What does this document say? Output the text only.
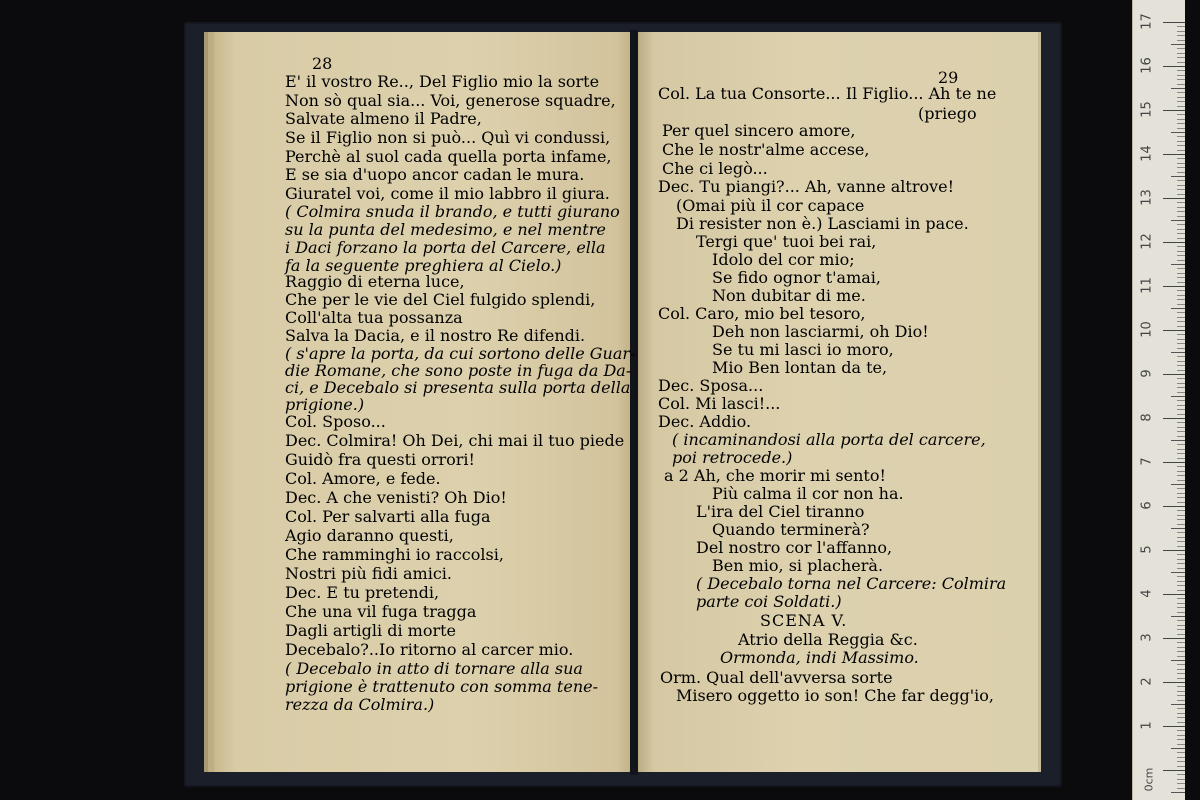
28
E' il vostro Re.., Del Figlio mio la sorte
Non sò qual sia... Voi, generose squadre,
Salvate almeno il Padre,
Se il Figlio non si può... Quì vi condussi,
Perchè al suol cada quella porta infame,
E se sia d'uopo ancor cadan le mura.
Giuratel voi, come il mio labbro il giura.
( Colmira snuda il brando, e tutti giurano
su la punta del medesimo, e nel mentre
i Daci forzano la porta del Carcere, ella
fa la seguente preghiera al Cielo.)
Raggio di eterna luce,
Che per le vie del Ciel fulgido splendi,
Coll'alta tua possanza
Salva la Dacia, e il nostro Re difendi.
( s'apre la porta, da cui sortono delle Guar-
die Romane, che sono poste in fuga da Da-
ci, e Decebalo si presenta sulla porta della
prigione.)
Col. Sposo...
Dec. Colmira! Oh Dei, chi mai il tuo piede
Guidò fra questi orrori!
Col. Amore, e fede.
Dec. A che venisti? Oh Dio!
Col. Per salvarti alla fuga
Agio daranno questi,
Che ramminghi io raccolsi,
Nostri più fidi amici.
Dec. E tu pretendi,
Che una vil fuga tragga
Dagli artigli di morte
Decebalo?..Io ritorno al carcer mio.
( Decebalo in atto di tornare alla sua
prigione è trattenuto con somma tene-
rezza da Colmira.)
29
Col. La tua Consorte... Il Figlio... Ah te ne
(priego
Per quel sincero amore,
Che le nostr'alme accese,
Che ci legò...
Dec. Tu piangi?... Ah, vanne altrove!
(Omai più il cor capace
Di resister non è.) Lasciami in pace.
Tergi que' tuoi bei rai,
Idolo del cor mio;
Se fido ognor t'amai,
Non dubitar di me.
Col. Caro, mio bel tesoro,
Deh non lasciarmi, oh Dio!
Se tu mi lasci io moro,
Mio Ben lontan da te,
Dec. Sposa...
Col. Mi lasci!...
Dec. Addio.
( incaminandosi alla porta del carcere,
poi retrocede.)
a 2 Ah, che morir mi sento!
Più calma il cor non ha.
L'ira del Ciel tiranno
Quando terminerà?
Del nostro cor l'affanno,
Ben mio, si placherà.
( Decebalo torna nel Carcere: Colmira
parte coi Soldati.)
SCENA V.
Atrio della Reggia &c.
Ormonda, indi Massimo.
Orm. Qual dell'avversa sorte
Misero oggetto io son! Che far degg'io,
17
16
15
14
13
12
11
10
9
8
7
6
5
4
3
2
1
0cm
